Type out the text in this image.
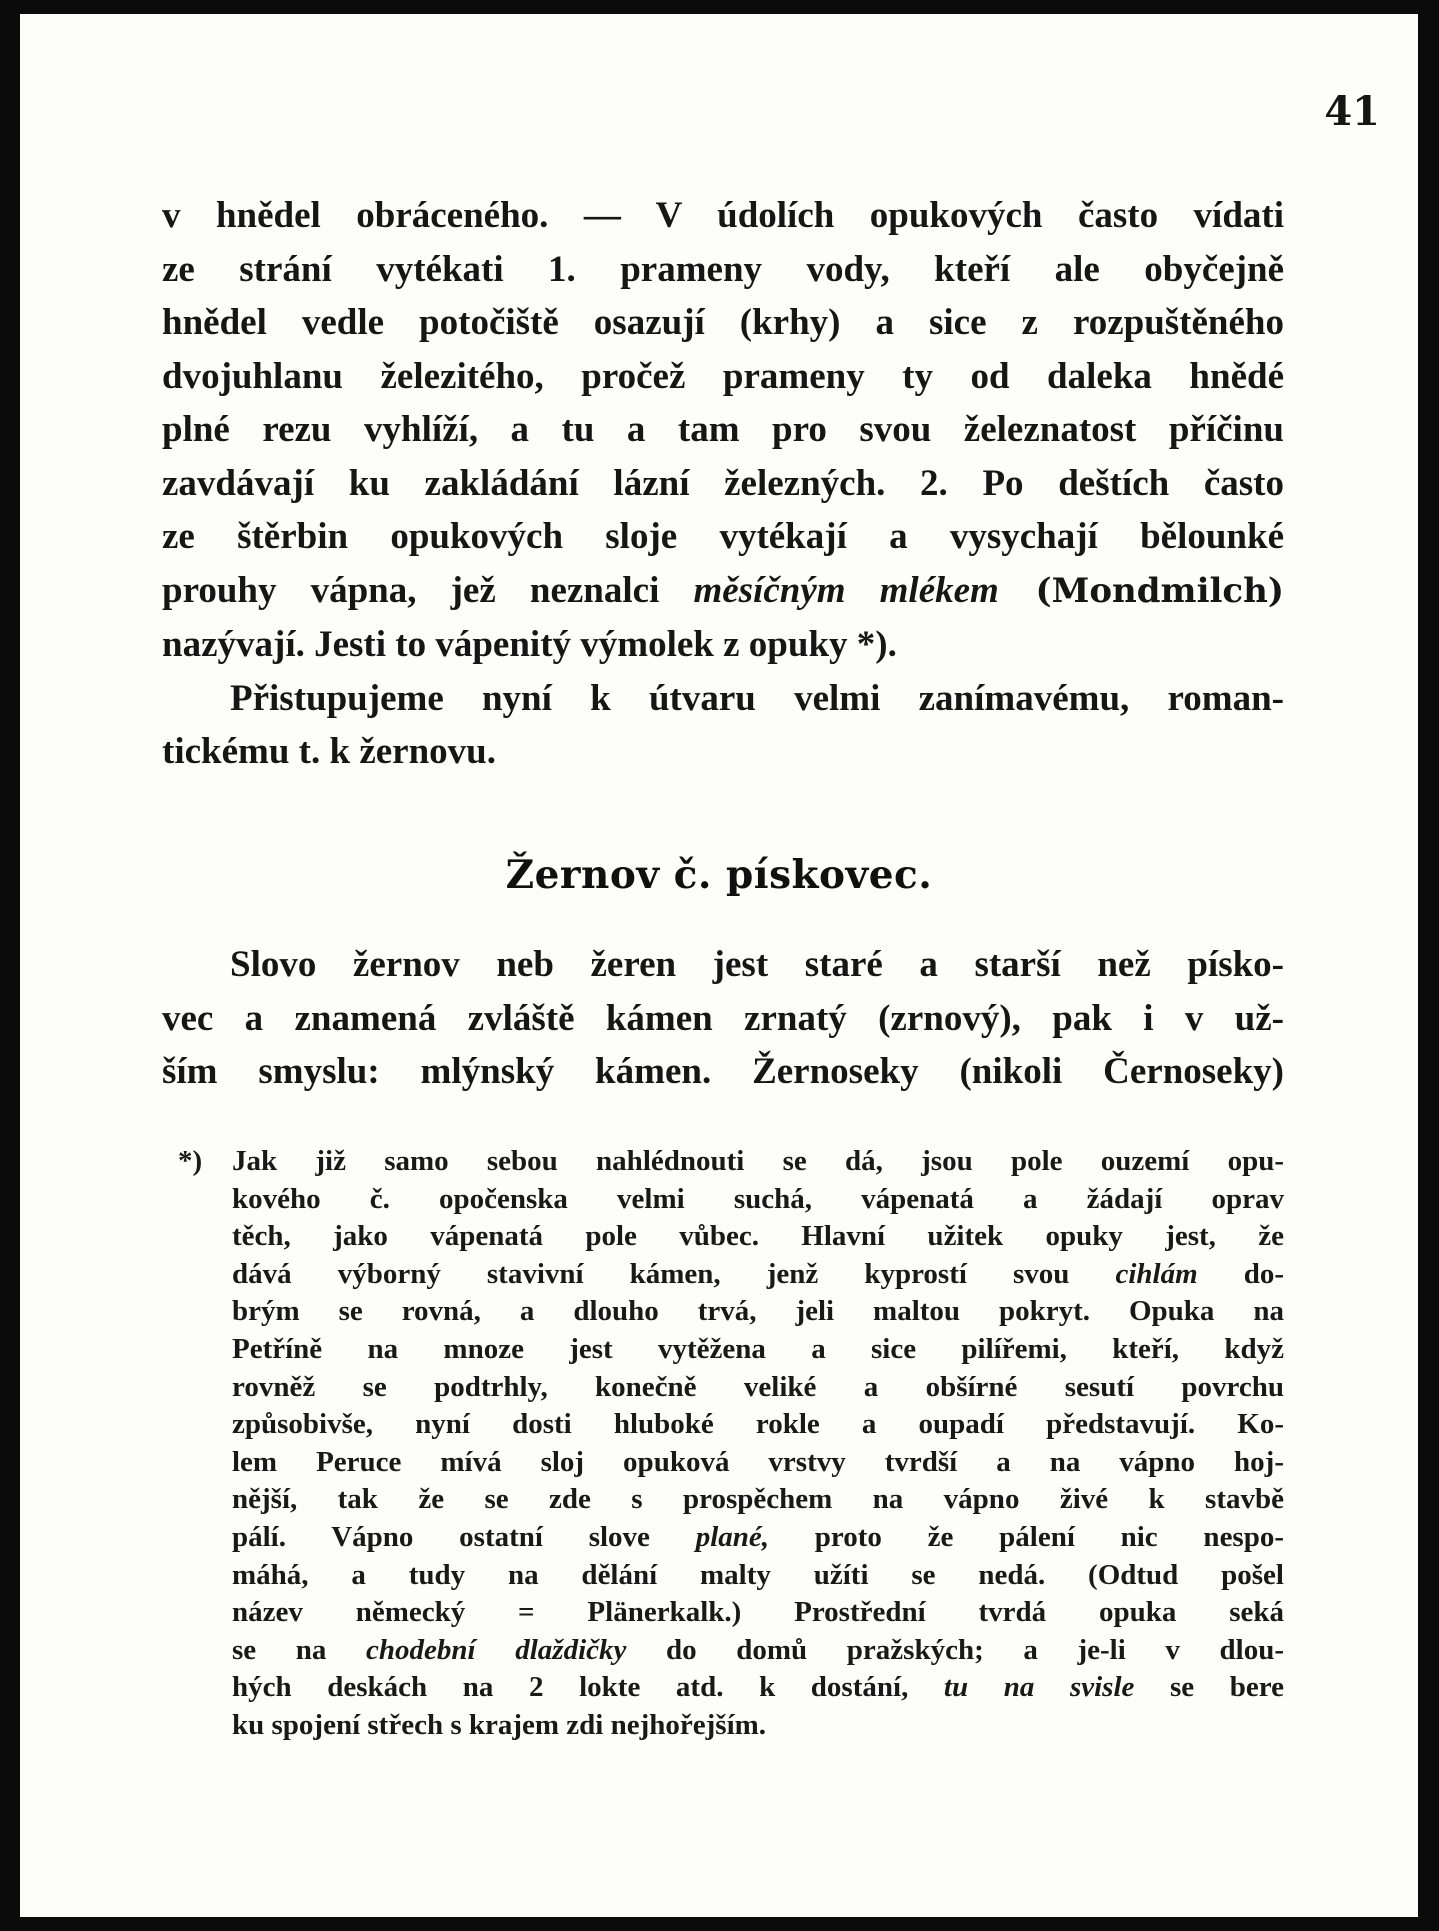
41
v hnědel obráceného. — V údolích opukových často vídati
ze strání vytékati 1. prameny vody, kteří ale obyčejně
hnědel vedle potočiště osazují (krhy) a sice z rozpuštěného
dvojuhlanu železitého, pročež prameny ty od daleka hnědé
plné rezu vyhlíží, a tu a tam pro svou železnatost příčinu
zavdávají ku zakládání lázní železných. 2. Po deštích často
ze štěrbin opukových sloje vytékají a vysychají bělounké
prouhy vápna, jež neznalci měsíčným mlékem (Mondmilch)
nazývají. Jesti to vápenitý výmolek z opuky *).
Přistupujeme nyní k útvaru velmi zanímavému, roman-
tickému t. k žernovu.
Žernov č. pískovec.
Slovo žernov neb žeren jest staré a starší než písko-
vec a znamená zvláště kámen zrnatý (zrnový), pak i v už-
ším smyslu: mlýnský kámen. Žernoseky (nikoli Černoseky)
*) Jak již samo sebou nahlédnouti se dá, jsou pole ouzemí opu-
kového č. opočenska velmi suchá, vápenatá a žádají oprav
těch, jako vápenatá pole vůbec. Hlavní užitek opuky jest, že
dává výborný stavivní kámen, jenž kyprostí svou cihlám do-
brým se rovná, a dlouho trvá, jeli maltou pokryt. Opuka na
Petříně na mnoze jest vytěžena a sice pilířemi, kteří, když
rovněž se podtrhly, konečně veliké a obšírné sesutí povrchu
způsobivše, nyní dosti hluboké rokle a oupadí představují. Ko-
lem Peruce mívá sloj opuková vrstvy tvrdší a na vápno hoj-
nější, tak že se zde s prospěchem na vápno živé k stavbě
pálí. Vápno ostatní slove plané, proto že pálení nic nespo-
máhá, a tudy na dělání malty užíti se nedá. (Odtud pošel
název německý = Plänerkalk.) Prostřední tvrdá opuka seká
se na chodební dlaždičky do domů pražských; a je-li v dlou-
hých deskách na 2 lokte atd. k dostání, tu na svisle se bere
ku spojení střech s krajem zdi nejhořejším.
